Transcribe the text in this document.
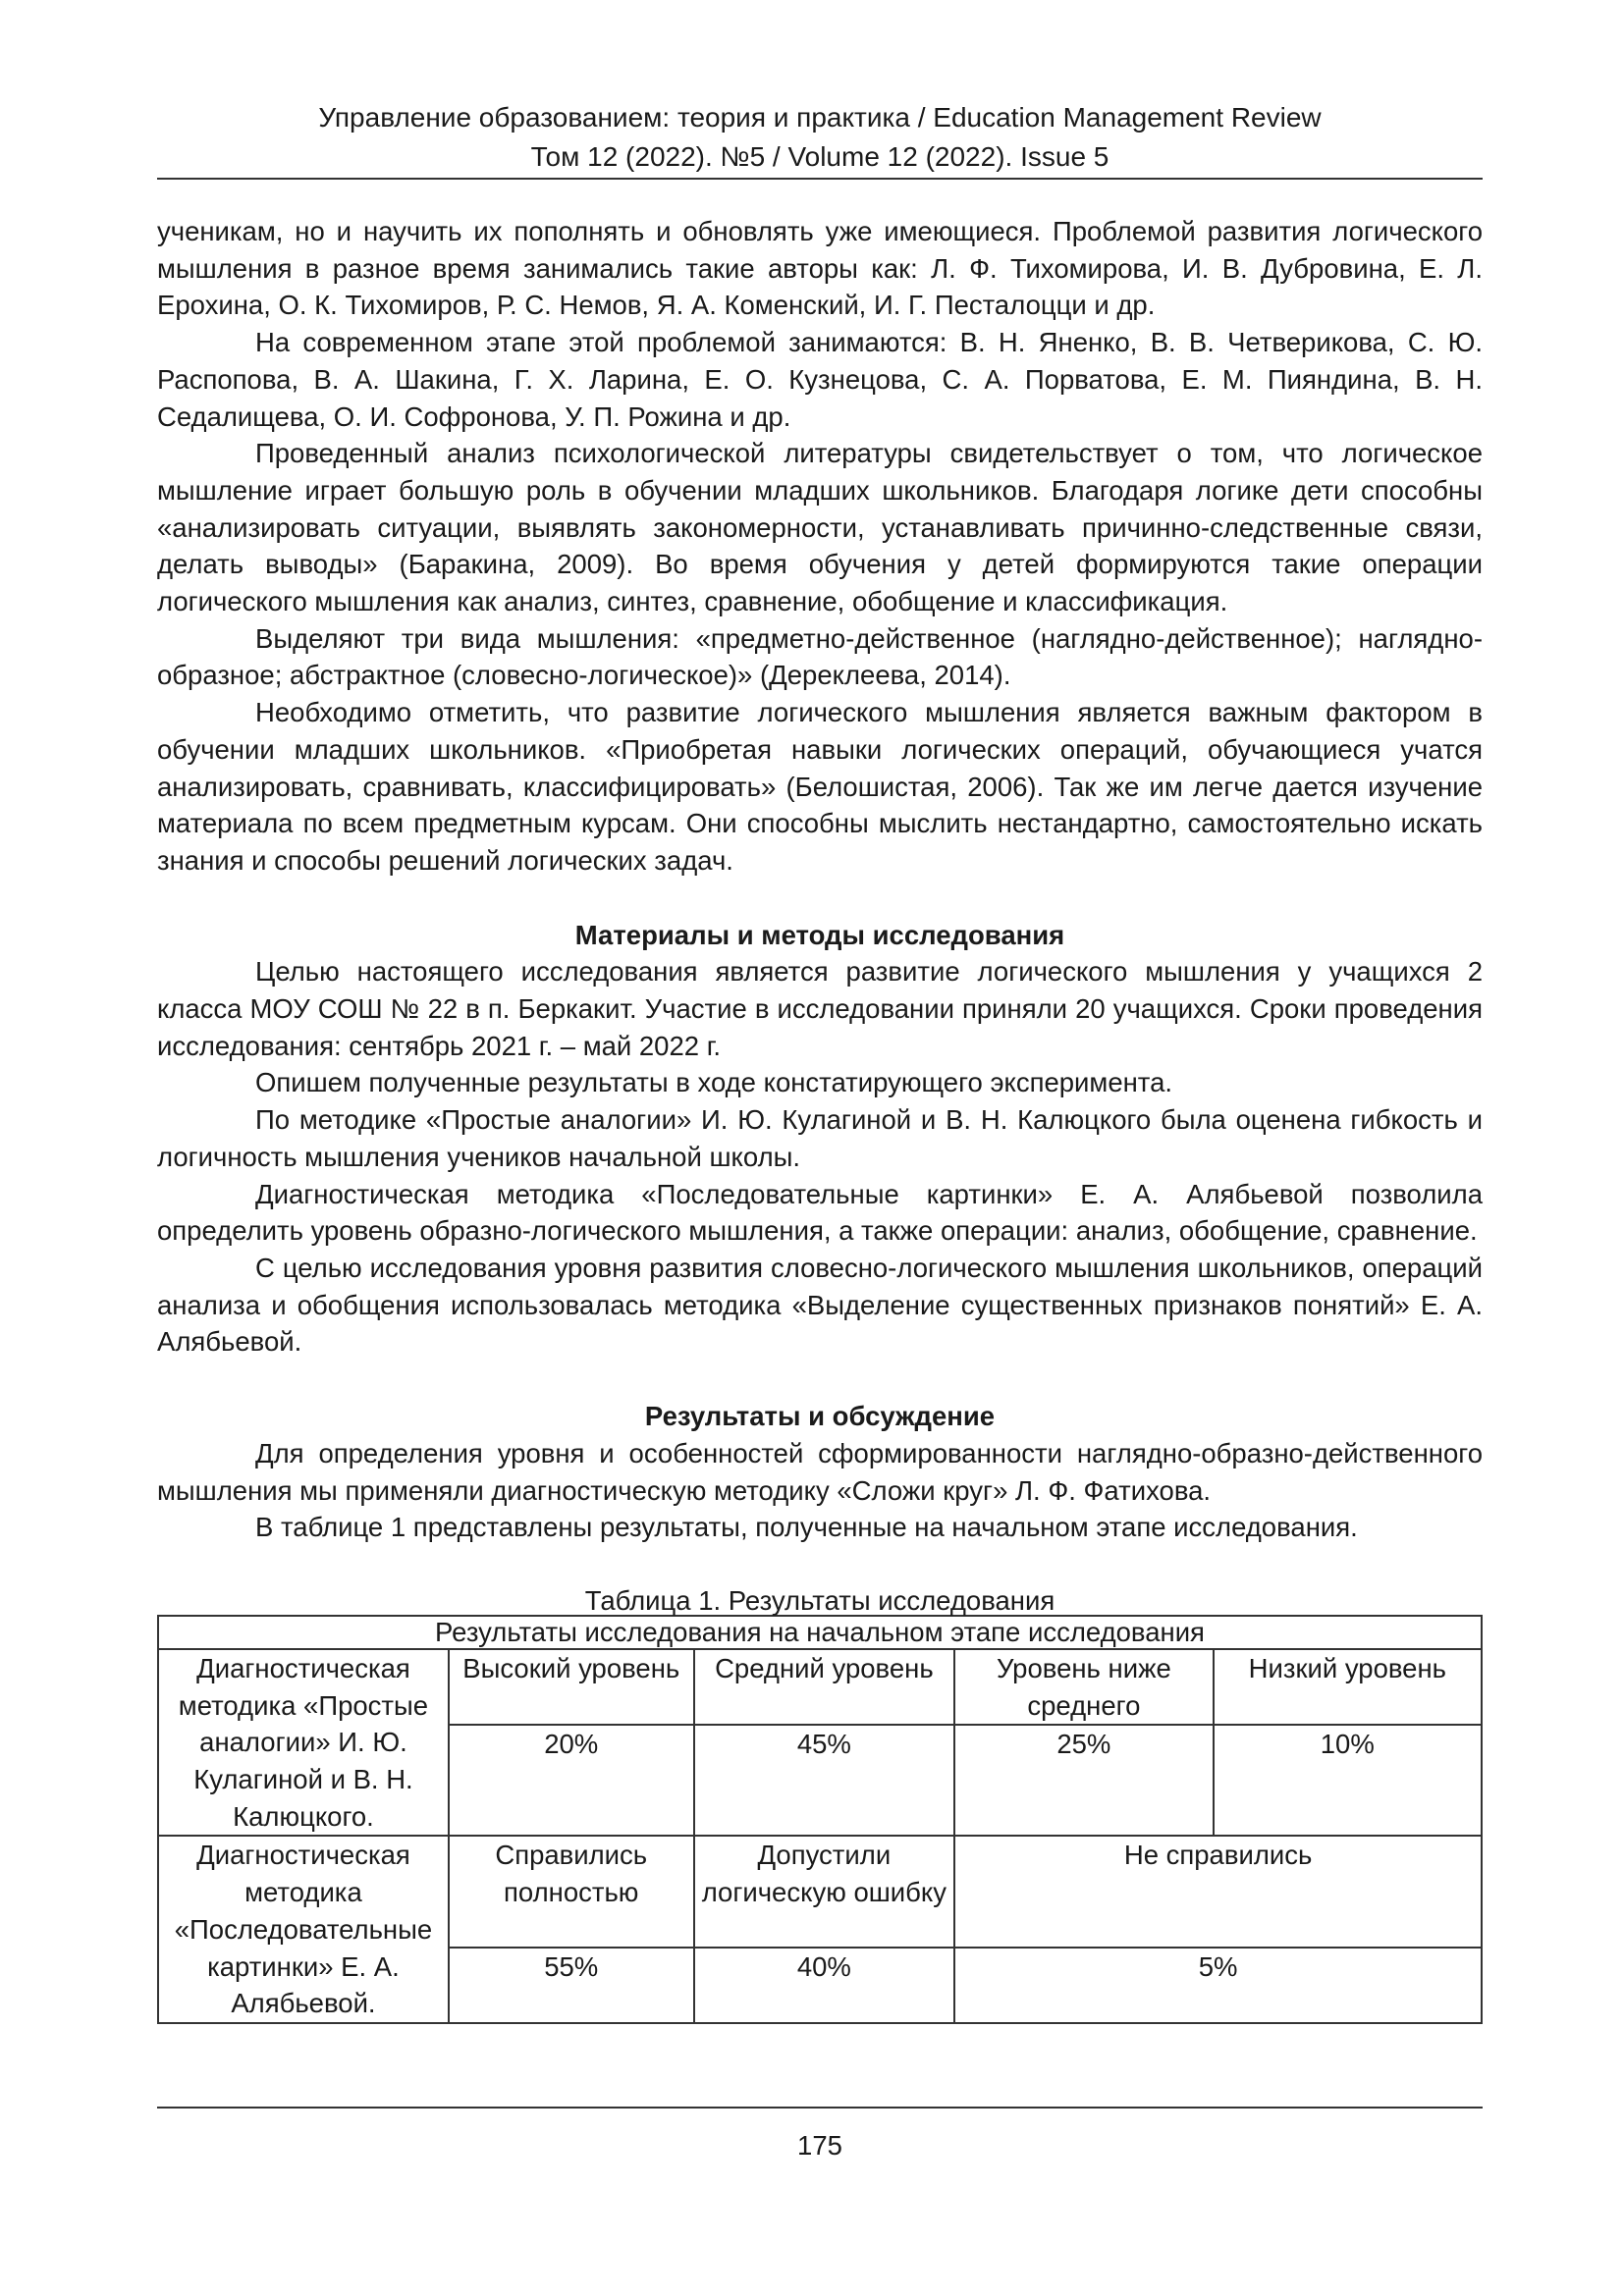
Управление образованием: теория и практика / Education Management Review
Том 12 (2022). №5 / Volume 12 (2022). Issue 5

ученикам, но и научить их пополнять и обновлять уже имеющиеся. Проблемой развития логического мышления в разное время занимались такие авторы как: Л. Ф. Тихомирова, И. В. Дубровина, Е. Л. Ерохина, О. К. Тихомиров, Р. С. Немов, Я. А. Коменский, И. Г. Песталоцци и др.

На современном этапе этой проблемой занимаются: В. Н. Яненко, В. В. Четверикова, С. Ю. Распопова, В. А. Шакина, Г. Х. Ларина, Е. О. Кузнецова, С. А. Порватова, Е. М. Пияндина, В. Н. Седалищева, О. И. Софронова, У. П. Рожина и др.

Проведенный анализ психологической литературы свидетельствует о том, что логическое мышление играет большую роль в обучении младших школьников. Благодаря логике дети способны «анализировать ситуации, выявлять закономерности, устанавливать причинно-следственные связи, делать выводы» (Баракина, 2009). Во время обучения у детей формируются такие операции логического мышления как анализ, синтез, сравнение, обобщение и классификация.

Выделяют три вида мышления: «предметно-действенное (наглядно-действенное); наглядно-образное; абстрактное (словесно-логическое)» (Дереклеева, 2014).

Необходимо отметить, что развитие логического мышления является важным фактором в обучении младших школьников. «Приобретая навыки логических операций, обучающиеся учатся анализировать, сравнивать, классифицировать» (Белошистая, 2006). Так же им легче дается изучение материала по всем предметным курсам. Они способны мыслить нестандартно, самостоятельно искать знания и способы решений логических задач.

Материалы и методы исследования

Целью настоящего исследования является развитие логического мышления у учащихся 2 класса МОУ СОШ № 22 в п. Беркакит. Участие в исследовании приняли 20 учащихся. Сроки проведения исследования: сентябрь 2021 г. – май 2022 г.

Опишем полученные результаты в ходе констатирующего эксперимента.

По методике «Простые аналогии» И. Ю. Кулагиной и В. Н. Калюцкого была оценена гибкость и логичность мышления учеников начальной школы.

Диагностическая методика «Последовательные картинки» Е. А. Алябьевой позволила определить уровень образно-логического мышления, а также операции: анализ, обобщение, сравнение.

С целью исследования уровня развития словесно-логического мышления школьников, операций анализа и обобщения использовалась методика «Выделение существенных признаков понятий» Е. А. Алябьевой.

Результаты и обсуждение

Для определения уровня и особенностей сформированности наглядно-образно-действенного мышления мы применяли диагностическую методику «Сложи круг» Л. Ф. Фатихова.

В таблице 1 представлены результаты, полученные на начальном этапе исследования.

Таблица 1. Результаты исследования
Результаты исследования на начальном этапе исследования				
Диагностическая методика «Простые аналогии» И. Ю. Кулагиной и В. Н. Калюцкого.	Высокий уровень	Средний уровень	Уровень ниже среднего	Низкий уровень
	20%	45%	25%	10%
Диагностическая методика «Последовательные картинки» Е. А. Алябьевой.	Справились полностью	Допустили логическую ошибку	Не справились	
	55%	40%	5%	
175
